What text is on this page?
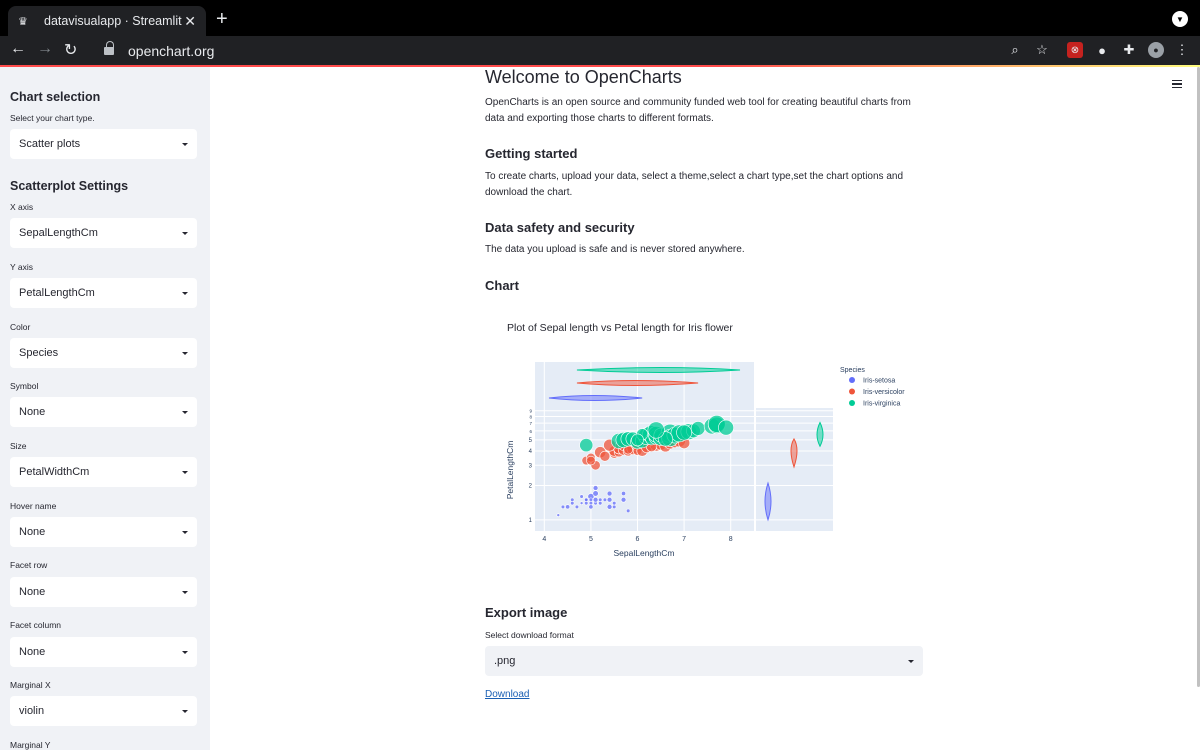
♛	datavisualapp · Streamlit ✕ +	▼
← → ↻	openchart.org	⌕	☆	⊗	●	✚	●	⋮
Chart selection
Select your chart type.
Scatter plots
Scatterplot Settings
X axis
SepalLengthCm
Y axis
PetalLengthCm
Color
Species
Symbol
None
Size
PetalWidthCm
Hover name
None
Facet row
None
Facet column
None
Marginal X
violin
Marginal Y
Welcome to OpenCharts
OpenCharts is an open source and community funded web tool for creating beautiful charts from
data and exporting those charts to different formats.
Getting started
To create charts, upload your data, select a theme,select a chart type,set the chart options and
download the chart.
Data safety and security
The data you upload is safe and is never stored anywhere.
Chart
Plot of Sepal length vs Petal length for Iris flower
4	5	6	7	8
1
2
3
4
5
6
7
8
9
SepalLengthCm
PetalLengthCm
Species
Iris-setosa
Iris-versicolor
Iris-virginica
Export image
Select download format
.png
Download
